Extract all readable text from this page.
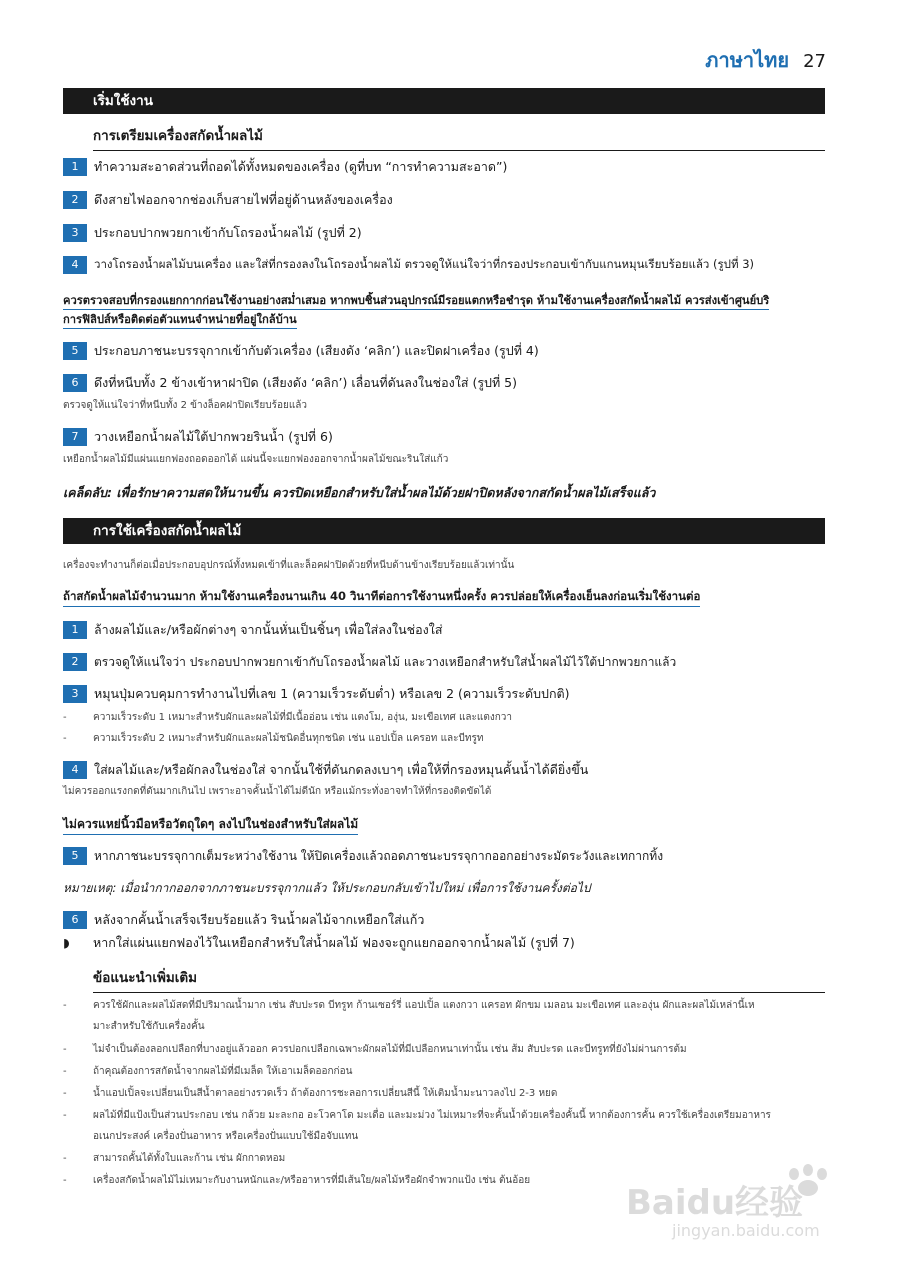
ภาษาไทย 27
เริ่มใช้งาน
การเตรียมเครื่องสกัดน้ำผลไม้
1	ทำความสะอาดส่วนที่ถอดได้ทั้งหมดของเครื่อง (ดูที่บท “การทำความสะอาด”)
2	ดึงสายไฟออกจากช่องเก็บสายไฟที่อยู่ด้านหลังของเครื่อง
3	ประกอบปากพวยกาเข้ากับโถรองน้ำผลไม้ (รูปที่ 2)
4	วางโถรองน้ำผลไม้บนเครื่อง และใส่ที่กรองลงในโถรองน้ำผลไม้ ตรวจดูให้แน่ใจว่าที่กรองประกอบเข้ากับแกนหมุนเรียบร้อยแล้ว (รูปที่ 3)
ควรตรวจสอบที่กรองแยกกากก่อนใช้งานอย่างสม่ำเสมอ หากพบชิ้นส่วนอุปกรณ์มีรอยแตกหรือชำรุด ห้ามใช้งานเครื่องสกัดน้ำผลไม้ ควรส่งเข้าศูนย์บริ
การฟิลิปส์หรือติดต่อตัวแทนจำหน่ายที่อยู่ใกล้บ้าน
5	ประกอบภาชนะบรรจุกากเข้ากับตัวเครื่อง (เสียงดัง ‘คลิก’) และปิดฝาเครื่อง (รูปที่ 4)
6	ดึงที่หนีบทั้ง 2 ข้างเข้าหาฝาปิด (เสียงดัง ‘คลิก’) เลื่อนที่ดันลงในช่องใส่ (รูปที่ 5)
ตรวจดูให้แน่ใจว่าที่หนีบทั้ง 2 ข้างล็อคฝาปิดเรียบร้อยแล้ว
7	วางเหยือกน้ำผลไม้ใต้ปากพวยรินน้ำ (รูปที่ 6)
เหยือกน้ำผลไม้มีแผ่นแยกฟองถอดออกได้ แผ่นนี้จะแยกฟองออกจากน้ำผลไม้ขณะรินใส่แก้ว
เคล็ดลับ: เพื่อรักษาความสดให้นานขึ้น ควรปิดเหยือกสำหรับใส่น้ำผลไม้ด้วยฝาปิดหลังจากสกัดน้ำผลไม้เสร็จแล้ว
การใช้เครื่องสกัดน้ำผลไม้
เครื่องจะทำงานก็ต่อเมื่อประกอบอุปกรณ์ทั้งหมดเข้าที่และล็อคฝาปิดด้วยที่หนีบด้านข้างเรียบร้อยแล้วเท่านั้น
ถ้าสกัดน้ำผลไม้จำนวนมาก ห้ามใช้งานเครื่องนานเกิน 40 วินาทีต่อการใช้งานหนึ่งครั้ง ควรปล่อยให้เครื่องเย็นลงก่อนเริ่มใช้งานต่อ
1	ล้างผลไม้และ/หรือผักต่างๆ จากนั้นหั่นเป็นชิ้นๆ เพื่อใส่ลงในช่องใส่
2	ตรวจดูให้แน่ใจว่า ประกอบปากพวยกาเข้ากับโถรองน้ำผลไม้ และวางเหยือกสำหรับใส่น้ำผลไม้ไว้ใต้ปากพวยกาแล้ว
3	หมุนปุ่มควบคุมการทำงานไปที่เลข 1 (ความเร็วระดับต่ำ) หรือเลข 2 (ความเร็วระดับปกติ)
-	ความเร็วระดับ 1 เหมาะสำหรับผักและผลไม้ที่มีเนื้ออ่อน เช่น แตงโม, องุ่น, มะเขือเทศ และแตงกวา
-	ความเร็วระดับ 2 เหมาะสำหรับผักและผลไม้ชนิดอื่นทุกชนิด เช่น แอปเปิ้ล แครอท และบีทรูท
4	ใส่ผลไม้และ/หรือผักลงในช่องใส่ จากนั้นใช้ที่ดันกดลงเบาๆ เพื่อให้ที่กรองหมุนคั้นน้ำได้ดียิ่งขึ้น
ไม่ควรออกแรงกดที่ดันมากเกินไป เพราะอาจคั้นน้ำได้ไม่ดีนัก หรือแม้กระทั่งอาจทำให้ที่กรองติดขัดได้
ไม่ควรแหย่นิ้วมือหรือวัตถุใดๆ ลงไปในช่องสำหรับใส่ผลไม้
5	หากภาชนะบรรจุกากเต็มระหว่างใช้งาน ให้ปิดเครื่องแล้วถอดภาชนะบรรจุกากออกอย่างระมัดระวังและเทกากทิ้ง
หมายเหตุ: เมื่อนำกากออกจากภาชนะบรรจุกากแล้ว ให้ประกอบกลับเข้าไปใหม่ เพื่อการใช้งานครั้งต่อไป
6	หลังจากคั้นน้ำเสร็จเรียบร้อยแล้ว รินน้ำผลไม้จากเหยือกใส่แก้ว
◗ หากใส่แผ่นแยกฟองไว้ในเหยือกสำหรับใส่น้ำผลไม้ ฟองจะถูกแยกออกจากน้ำผลไม้ (รูปที่ 7)
ข้อแนะนำเพิ่มเติม
-	ควรใช้ผักและผลไม้สดที่มีปริมาณน้ำมาก เช่น สับปะรด บีทรูท ก้านเซอร์รี่ แอปเปิ้ล แตงกวา แครอท ผักขม เมลอน มะเขือเทศ และองุ่น ผักและผลไม้เหล่านี้เห
มาะสำหรับใช้กับเครื่องคั้น
-	ไม่จำเป็นต้องลอกเปลือกที่บางอยู่แล้วออก ควรปอกเปลือกเฉพาะผักผลไม้ที่มีเปลือกหนาเท่านั้น เช่น ส้ม สับปะรด และบีทรูทที่ยังไม่ผ่านการต้ม
-	ถ้าคุณต้องการสกัดน้ำจากผลไม้ที่มีเมล็ด ให้เอาเมล็ดออกก่อน
-	น้ำแอปเปิ้ลจะเปลี่ยนเป็นสีน้ำตาลอย่างรวดเร็ว ถ้าต้องการชะลอการเปลี่ยนสีนี้ ให้เติมน้ำมะนาวลงไป 2-3 หยด
-	ผลไม้ที่มีแป้งเป็นส่วนประกอบ เช่น กล้วย มะละกอ อะโวคาโด มะเดื่อ และมะม่วง ไม่เหมาะที่จะคั้นน้ำด้วยเครื่องคั้นนี้ หากต้องการคั้น ควรใช้เครื่องเตรียมอาหาร
อเนกประสงค์ เครื่องปั่นอาหาร หรือเครื่องปั่นแบบใช้มือจับแทน
-	สามารถคั้นได้ทั้งใบและก้าน เช่น ผักกาดหอม
-	เครื่องสกัดน้ำผลไม้ไม่เหมาะกับงานหนักและ/หรืออาหารที่มีเส้นใย/ผลไม้หรือผักจำพวกแป้ง เช่น ต้นอ้อย
Baidu经验
jingyan.baidu.com
